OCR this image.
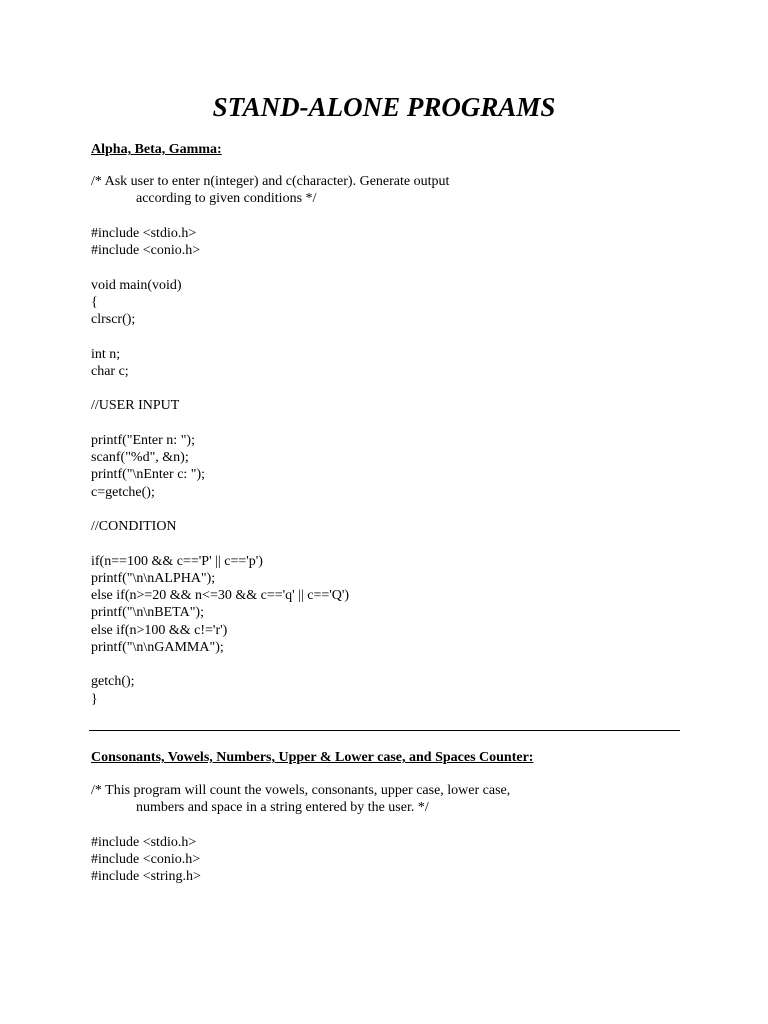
STAND-ALONE PROGRAMS
Alpha, Beta, Gamma:
/* Ask user to enter n(integer) and c(character). Generate output
according to given conditions */
#include <stdio.h>
#include <conio.h>
void main(void)
{
clrscr();
int n;
char c;
//USER INPUT
printf("Enter n: ");
scanf("%d", &n);
printf("\nEnter c: ");
c=getche();
//CONDITION
if(n==100 && c=='P' || c=='p')
printf("\n\nALPHA");
else if(n>=20 && n<=30 && c=='q' || c=='Q')
printf("\n\nBETA");
else if(n>100 && c!='r')
printf("\n\nGAMMA");
getch();
}
Consonants, Vowels, Numbers, Upper & Lower case, and Spaces Counter:
/* This program will count the vowels, consonants, upper case, lower case,
numbers and space in a string entered by the user. */
#include <stdio.h>
#include <conio.h>
#include <string.h>
